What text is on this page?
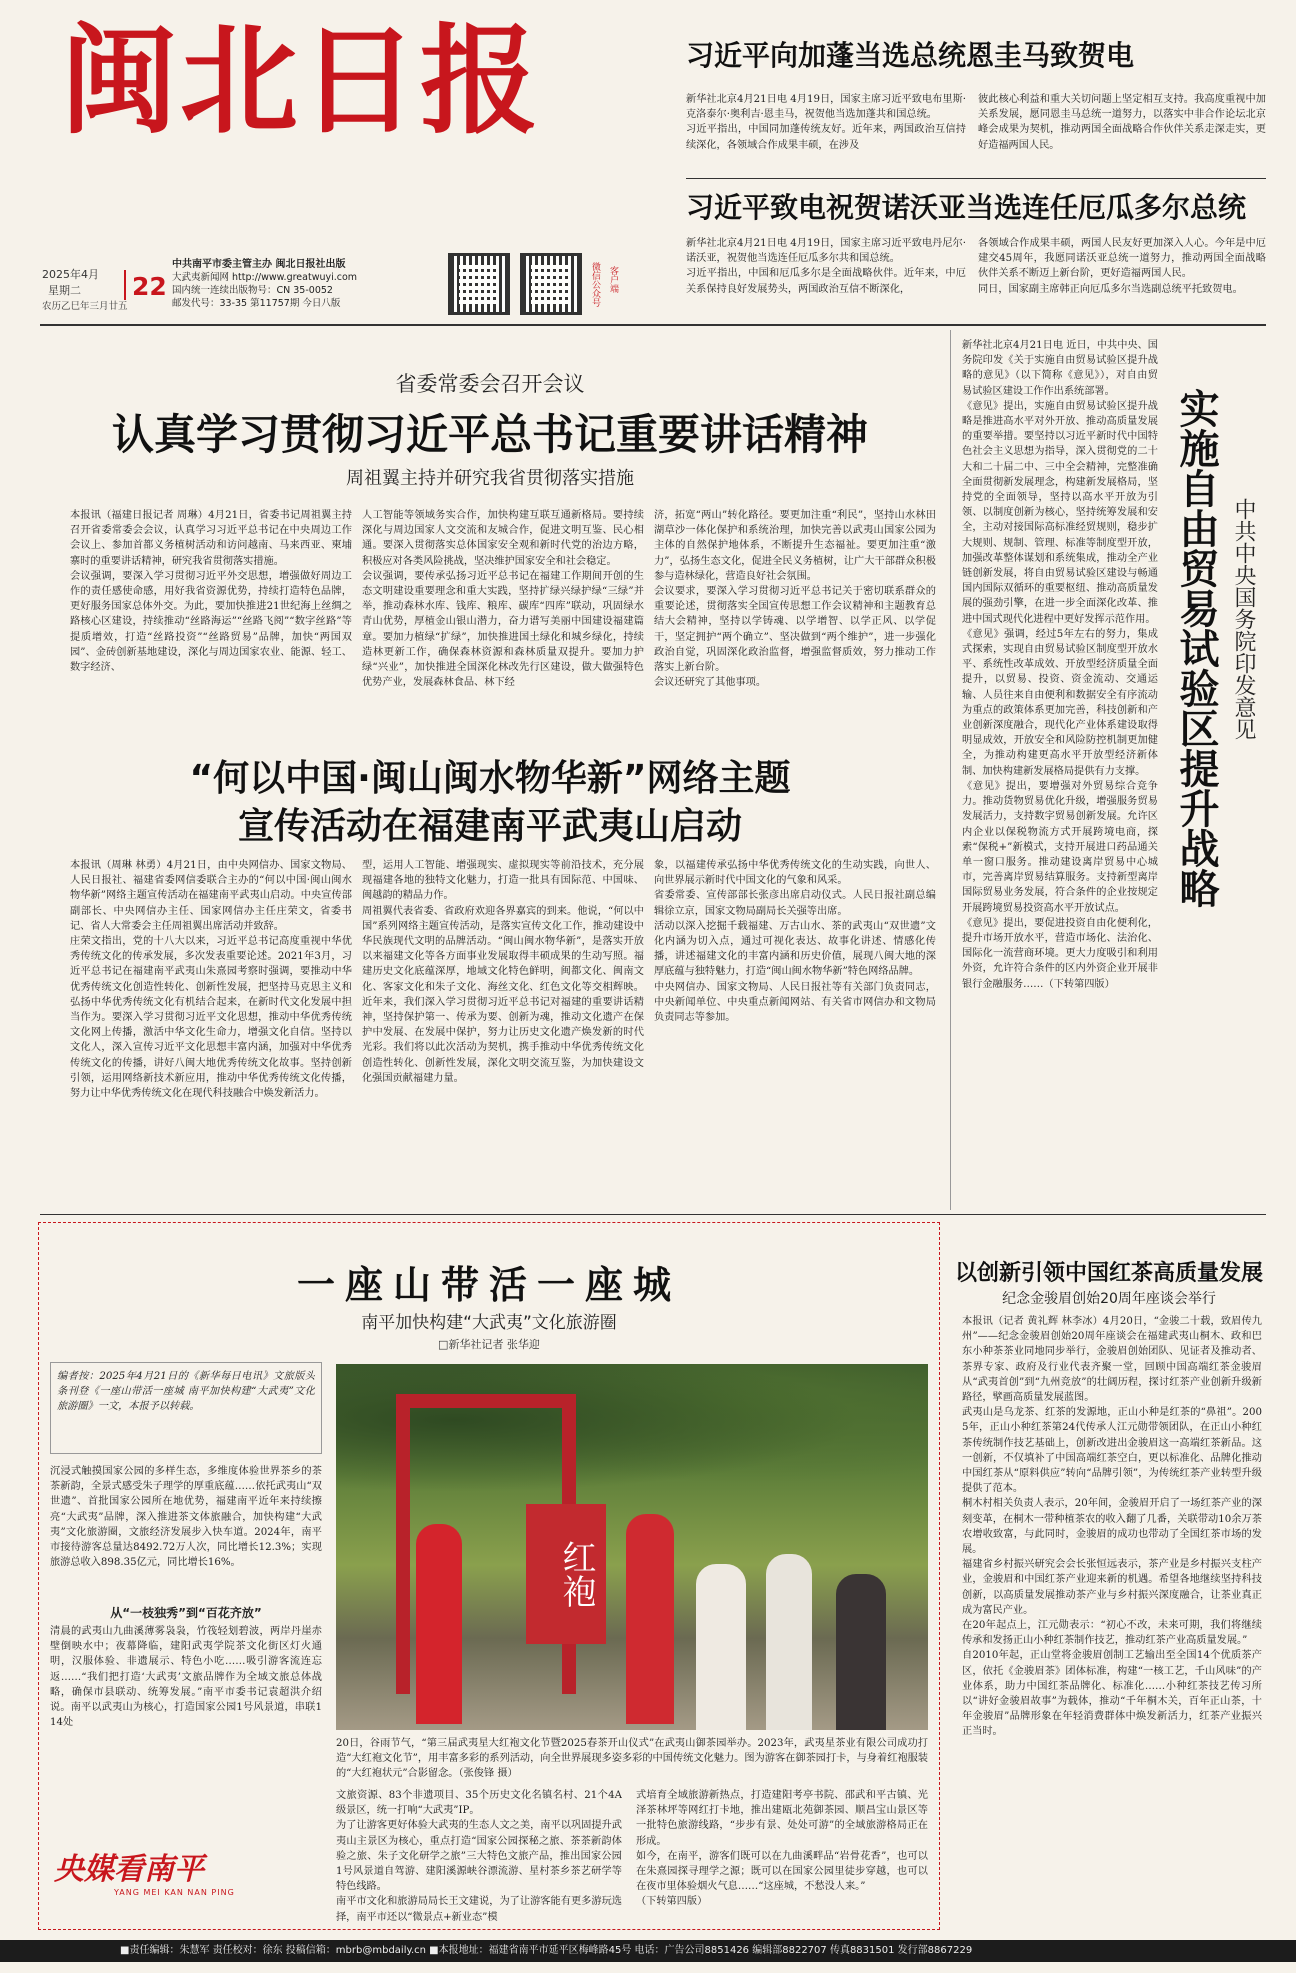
闽北日报
2025年4月
星期二 22
农历乙巳年三月廿五
中共南平市委主管主办 闽北日报社出版
大武夷新闻网 http://www.greatwuyi.com
国内统一连续出版物号：CN 35-0052
邮发代号：33-35 第11757期 今日八版	微信公众号 客户端
习近平向加蓬当选总统恩圭马致贺电
新华社北京4月21日电 4月19日，国家主席习近平致电布里斯·克洛泰尔·奥利吉·恩圭马，祝贺他当选加蓬共和国总统。
习近平指出，中国同加蓬传统友好。近年来，两国政治互信持续深化，各领域合作成果丰硕，在涉及
彼此核心利益和重大关切问题上坚定相互支持。我高度重视中加关系发展，愿同恩圭马总统一道努力，以落实中非合作论坛北京峰会成果为契机，推动两国全面战略合作伙伴关系走深走实，更好造福两国人民。
习近平致电祝贺诺沃亚当选连任厄瓜多尔总统
新华社北京4月21日电 4月19日，国家主席习近平致电丹尼尔·诺沃亚，祝贺他当选连任厄瓜多尔共和国总统。
习近平指出，中国和厄瓜多尔是全面战略伙伴。近年来，中厄关系保持良好发展势头，两国政治互信不断深化，
各领域合作成果丰硕，两国人民友好更加深入人心。今年是中厄建交45周年，我愿同诺沃亚总统一道努力，推动两国全面战略伙伴关系不断迈上新台阶，更好造福两国人民。
同日，国家副主席韩正向厄瓜多尔当选副总统平托致贺电。
省委常委会召开会议
认真学习贯彻习近平总书记重要讲话精神
周祖翼主持并研究我省贯彻落实措施
本报讯（福建日报记者 周琳）4月21日，省委书记周祖翼主持召开省委常委会会议，认真学习习近平总书记在中央周边工作会议上、参加首都义务植树活动和访问越南、马来西亚、柬埔寨时的重要讲话精神，研究我省贯彻落实措施。
会议强调，要深入学习贯彻习近平外交思想，增强做好周边工作的责任感使命感，用好我省资源优势，持续打造特色品牌，更好服务国家总体外交。为此，要加快推进21世纪海上丝绸之路核心区建设，持续推动“丝路海运”“丝路飞阅”“数字丝路”等提质增效，打造“丝路投资”“丝路贸易”品牌，加快“两国双园”、金砖创新基地建设，深化与周边国家农业、能源、轻工、数字经济、
人工智能等领域务实合作，加快构建互联互通新格局。要持续深化与周边国家人文交流和友城合作，促进文明互鉴、民心相通。要深入贯彻落实总体国家安全观和新时代党的治边方略，积极应对各类风险挑战，坚决维护国家安全和社会稳定。
会议强调，要传承弘扬习近平总书记在福建工作期间开创的生态文明建设重要理念和重大实践，坚持扩绿兴绿护绿“三绿”并举，推动森林水库、钱库、粮库、碳库“四库”联动，巩固绿水青山优势，厚植金山银山潜力，奋力谱写美丽中国建设福建篇章。要加力植绿“扩绿”，加快推进国土绿化和城乡绿化，持续造林更新工作，确保森林资源和森林质量双提升。要加力护绿“兴业”，加快推进全国深化林改先行区建设，做大做强特色优势产业，发展森林食品、林下经
济，拓宽“两山”转化路径。要更加注重“利民”，坚持山水林田湖草沙一体化保护和系统治理，加快完善以武夷山国家公园为主体的自然保护地体系，不断提升生态福祉。要更加注重“激力”，弘扬生态文化，促进全民义务植树，让广大干部群众积极参与造林绿化，营造良好社会氛围。
会议要求，要深入学习贯彻习近平总书记关于密切联系群众的重要论述，贯彻落实全国宣传思想工作会议精神和主题教育总结大会精神，坚持以学铸魂、以学增智、以学正风、以学促干，坚定拥护“两个确立”、坚决做到“两个维护”，进一步强化政治自觉，巩固深化政治监督，增强监督质效，努力推动工作落实上新台阶。
会议还研究了其他事项。
“何以中国·闽山闽水物华新”网络主题
宣传活动在福建南平武夷山启动
本报讯（周琳 林勇）4月21日，由中央网信办、国家文物局、人民日报社、福建省委网信委联合主办的“何以中国·闽山闽水物华新”网络主题宣传活动在福建南平武夷山启动。中央宣传部副部长、中央网信办主任、国家网信办主任庄荣文，省委书记、省人大常委会主任周祖翼出席活动并致辞。
庄荣文指出，党的十八大以来，习近平总书记高度重视中华优秀传统文化的传承发展，多次发表重要论述。2021年3月，习近平总书记在福建南平武夷山朱熹园考察时强调，要推动中华优秀传统文化创造性转化、创新性发展，把坚持马克思主义和弘扬中华优秀传统文化有机结合起来，在新时代文化发展中担当作为。要深入学习贯彻习近平文化思想，推动中华优秀传统文化网上传播，激活中华文化生命力，增强文化自信。坚持以文化人，深入宣传习近平文化思想丰富内涵，加强对中华优秀传统文化的传播，讲好八闽大地优秀传统文化故事。坚持创新引领，运用网络新技术新应用，推动中华优秀传统文化传播，努力让中华优秀传统文化在现代科技融合中焕发新活力。
型，运用人工智能、增强现实、虚拟现实等前沿技术，充分展现福建各地的独特文化魅力，打造一批具有国际范、中国味、闽越韵的精品力作。
周祖翼代表省委、省政府欢迎各界嘉宾的到来。他说，“何以中国”系列网络主题宣传活动，是落实宣传文化工作，推动建设中华民族现代文明的品牌活动。“闽山闽水物华新”，是落实开放以来福建文化等各方面事业发展取得丰硕成果的生动写照。福建历史文化底蕴深厚，地域文化特色鲜明，闽都文化、闽南文化、客家文化和朱子文化、海丝文化、红色文化等交相辉映。近年来，我们深入学习贯彻习近平总书记对福建的重要讲话精神，坚持保护第一、传承为要、创新为魂，推动文化遗产在保护中发展、在发展中保护，努力让历史文化遗产焕发新的时代光彩。我们将以此次活动为契机，携手推动中华优秀传统文化创造性转化、创新性发展，深化文明交流互鉴，为加快建设文化强国贡献福建力量。
象，以福建传承弘扬中华优秀传统文化的生动实践，向世人、向世界展示新时代中国文化的气象和风采。
省委常委、宣传部部长张彦出席启动仪式。人民日报社副总编辑徐立京，国家文物局副局长关强等出席。
活动以深入挖掘千载福建、万古山水、茶的武夷山“双世遗”文化内涵为切入点，通过可视化表达、故事化讲述、情感化传播，讲述福建文化的丰富内涵和历史价值，展现八闽大地的深厚底蕴与独特魅力，打造“闽山闽水物华新”特色网络品牌。
中央网信办、国家文物局、人民日报社等有关部门负责同志，中央新闻单位、中央重点新闻网站、有关省市网信办和文物局负责同志等参加。
新华社北京4月21日电 近日，中共中央、国务院印发《关于实施自由贸易试验区提升战略的意见》（以下简称《意见》），对自由贸易试验区建设工作作出系统部署。
《意见》提出，实施自由贸易试验区提升战略是推进高水平对外开放、推动高质量发展的重要举措。要坚持以习近平新时代中国特色社会主义思想为指导，深入贯彻党的二十大和二十届二中、三中全会精神，完整准确全面贯彻新发展理念，构建新发展格局，坚持党的全面领导，坚持以高水平开放为引领、以制度创新为核心，坚持统筹发展和安全，主动对接国际高标准经贸规则，稳步扩大规则、规制、管理、标准等制度型开放，加强改革整体谋划和系统集成，推动全产业链创新发展，将自由贸易试验区建设与畅通国内国际双循环的重要枢纽、推动高质量发展的强劲引擎，在进一步全面深化改革、推进中国式现代化进程中更好发挥示范作用。
《意见》强调，经过5年左右的努力，集成式探索，实现自由贸易试验区制度型开放水平、系统性改革成效、开放型经济质量全面提升，以贸易、投资、资金流动、交通运输、人员往来自由便利和数据安全有序流动为重点的政策体系更加完善，科技创新和产业创新深度融合，现代化产业体系建设取得明显成效，开放安全和风险防控机制更加健全，为推动构建更高水平开放型经济新体制、加快构建新发展格局提供有力支撑。
《意见》提出，要增强对外贸易综合竞争力。推动货物贸易优化升级，增强服务贸易发展活力，支持数字贸易创新发展。允许区内企业以保税物流方式开展跨境电商，探索“保税+”新模式，支持开展进口药品通关单一窗口服务。推动建设离岸贸易中心城市，完善离岸贸易结算服务。支持新型离岸国际贸易业务发展，符合条件的企业按规定开展跨境贸易投资高水平开放试点。
《意见》提出，要促进投资自由化便利化，提升市场开放水平，营造市场化、法治化、国际化一流营商环境。更大力度吸引和利用外资，允许符合条件的区内外资企业开展非银行金融服务……（下转第四版）
实施自由贸易试验区提升战略 中共中央国务院印发意见
一座山带活一座城
南平加快构建“大武夷”文化旅游圈
□新华社记者 张华迎
编者按：2025年4月21日的《新华每日电讯》文旅版头条刊登《一座山带活一座城 南平加快构建“大武夷”文化旅游圈》一文，本报予以转载。
沉浸式触摸国家公园的多样生态，多维度体验世界茶乡的茶茶新韵，全景式感受朱子理学的厚重底蕴……依托武夷山“双世遗”、首批国家公园所在地优势，福建南平近年来持续擦亮“大武夷”品牌，深入推进茶文体旅融合，加快构建“大武夷”文化旅游圈，文旅经济发展步入快车道。2024年，南平市接待游客总量达8492.72万人次，同比增长12.3%；实现旅游总收入898.35亿元，同比增长16%。
从“一枝独秀”到“百花齐放”
清晨的武夷山九曲溪薄雾袅袅，竹筏轻划碧波，两岸丹崖赤壁倒映水中；夜幕降临，建阳武夷学院茶文化街区灯火通明，汉服体验、非遗展示、特色小吃……吸引游客流连忘返……“我们把打造‘大武夷’文旅品牌作为全域文旅总体战略，确保市县联动、统筹发展。”南平市委书记袁超洪介绍说。南平以武夷山为核心，打造国家公园1号风景道，串联114处
红袍
20日，谷雨节气，“第三届武夷星大红袍文化节暨2025春茶开山仪式”在武夷山御茶园举办。2023年，武夷星茶业有限公司成功打造“大红袍文化节”，用丰富多彩的系列活动，向全世界展现多姿多彩的中国传统文化魅力。图为游客在御茶园打卡，与身着红袍服装的“大红袍状元”合影留念。（张俊锋 摄）
文旅资源、83个非遗项目、35个历史文化名镇名村、21个4A级景区，统一打响“大武夷”IP。
为了让游客更好体验大武夷的生态人文之美，南平以巩固提升武夷山主景区为核心，重点打造“国家公园探秘之旅、茶茶新韵体验之旅、朱子文化研学之旅”三大特色文旅产品，推出国家公园1号风景道自驾游、建阳溪源峡谷漂流游、星村茶乡茶艺研学等特色线路。
南平市文化和旅游局局长王文建说，为了让游客能有更多游玩选择，南平市还以“微景点+新业态”模
式培育全域旅游新热点，打造建阳考亭书院、邵武和平古镇、光泽茶林坪等网红打卡地，推出建瓯北苑御茶园、顺昌宝山景区等一批特色旅游线路，“步步有景、处处可游”的全域旅游格局正在形成。
如今，在南平，游客们既可以在九曲溪畔品“岩骨花香”，也可以在朱熹园探寻理学之源；既可以在国家公园里徒步穿越，也可以在夜市里体验烟火气息……“这座城，不愁没人来。”
（下转第四版）
央媒看南平
YANG MEI KAN NAN PING
以创新引领中国红茶高质量发展
纪念金骏眉创始20周年座谈会举行
本报讯（记者 黄礼辉 林李冰）4月20日，“金骏二十载，致眉传九州”——纪念金骏眉创始20周年座谈会在福建武夷山桐木、政和巴东小种茶茶业同地同步举行，金骏眉创始团队、见证者及推动者、茶界专家、政府及行业代表齐聚一堂，回顾中国高端红茶金骏眉从“武夷首创”到“九州竞放”的壮阔历程，探讨红茶产业创新升级新路径，擘画高质量发展蓝图。
武夷山是乌龙茶、红茶的发源地，正山小种是红茶的“鼻祖”。2005年，正山小种红茶第24代传承人江元勋带领团队，在正山小种红茶传统制作技艺基础上，创新改进出金骏眉这一高端红茶新品。这一创新，不仅填补了中国高端红茶空白，更以标准化、品牌化推动中国红茶从“原料供应”转向“品牌引领”，为传统红茶产业转型升级提供了范本。
桐木村相关负责人表示，20年间，金骏眉开启了一场红茶产业的深刻变革，在桐木一带种植茶农的收入翻了几番，关联带动10余万茶农增收致富，与此同时，金骏眉的成功也带动了全国红茶市场的发展。
福建省乡村振兴研究会会长张恒远表示，茶产业是乡村振兴支柱产业，金骏眉和中国红茶产业迎来新的机遇。希望各地继续坚持科技创新，以高质量发展推动茶产业与乡村振兴深度融合，让茶业真正成为富民产业。
在20年起点上，江元勋表示：“初心不改，未来可期，我们将继续传承和发扬正山小种红茶制作技艺，推动红茶产业高质量发展。”
自2010年起，正山堂将金骏眉创制工艺输出至全国14个优质茶产区，依托《金骏眉茶》团体标准，构建“一核工艺，千山风味”的产业体系，助力中国红茶品牌化、标准化……小种红茶技艺传习所以“讲好金骏眉故事”为载体，推动“千年桐木关，百年正山茶，十年金骏眉”品牌形象在年轻消费群体中焕发新活力，红茶产业振兴正当时。
■责任编辑：朱慧军 责任校对：徐东 投稿信箱：mbrb@mbdaily.cn ■本报地址：福建省南平市延平区梅峰路45号 电话：广告公司8851426 编辑部8822707 传真8831501 发行部8867229
